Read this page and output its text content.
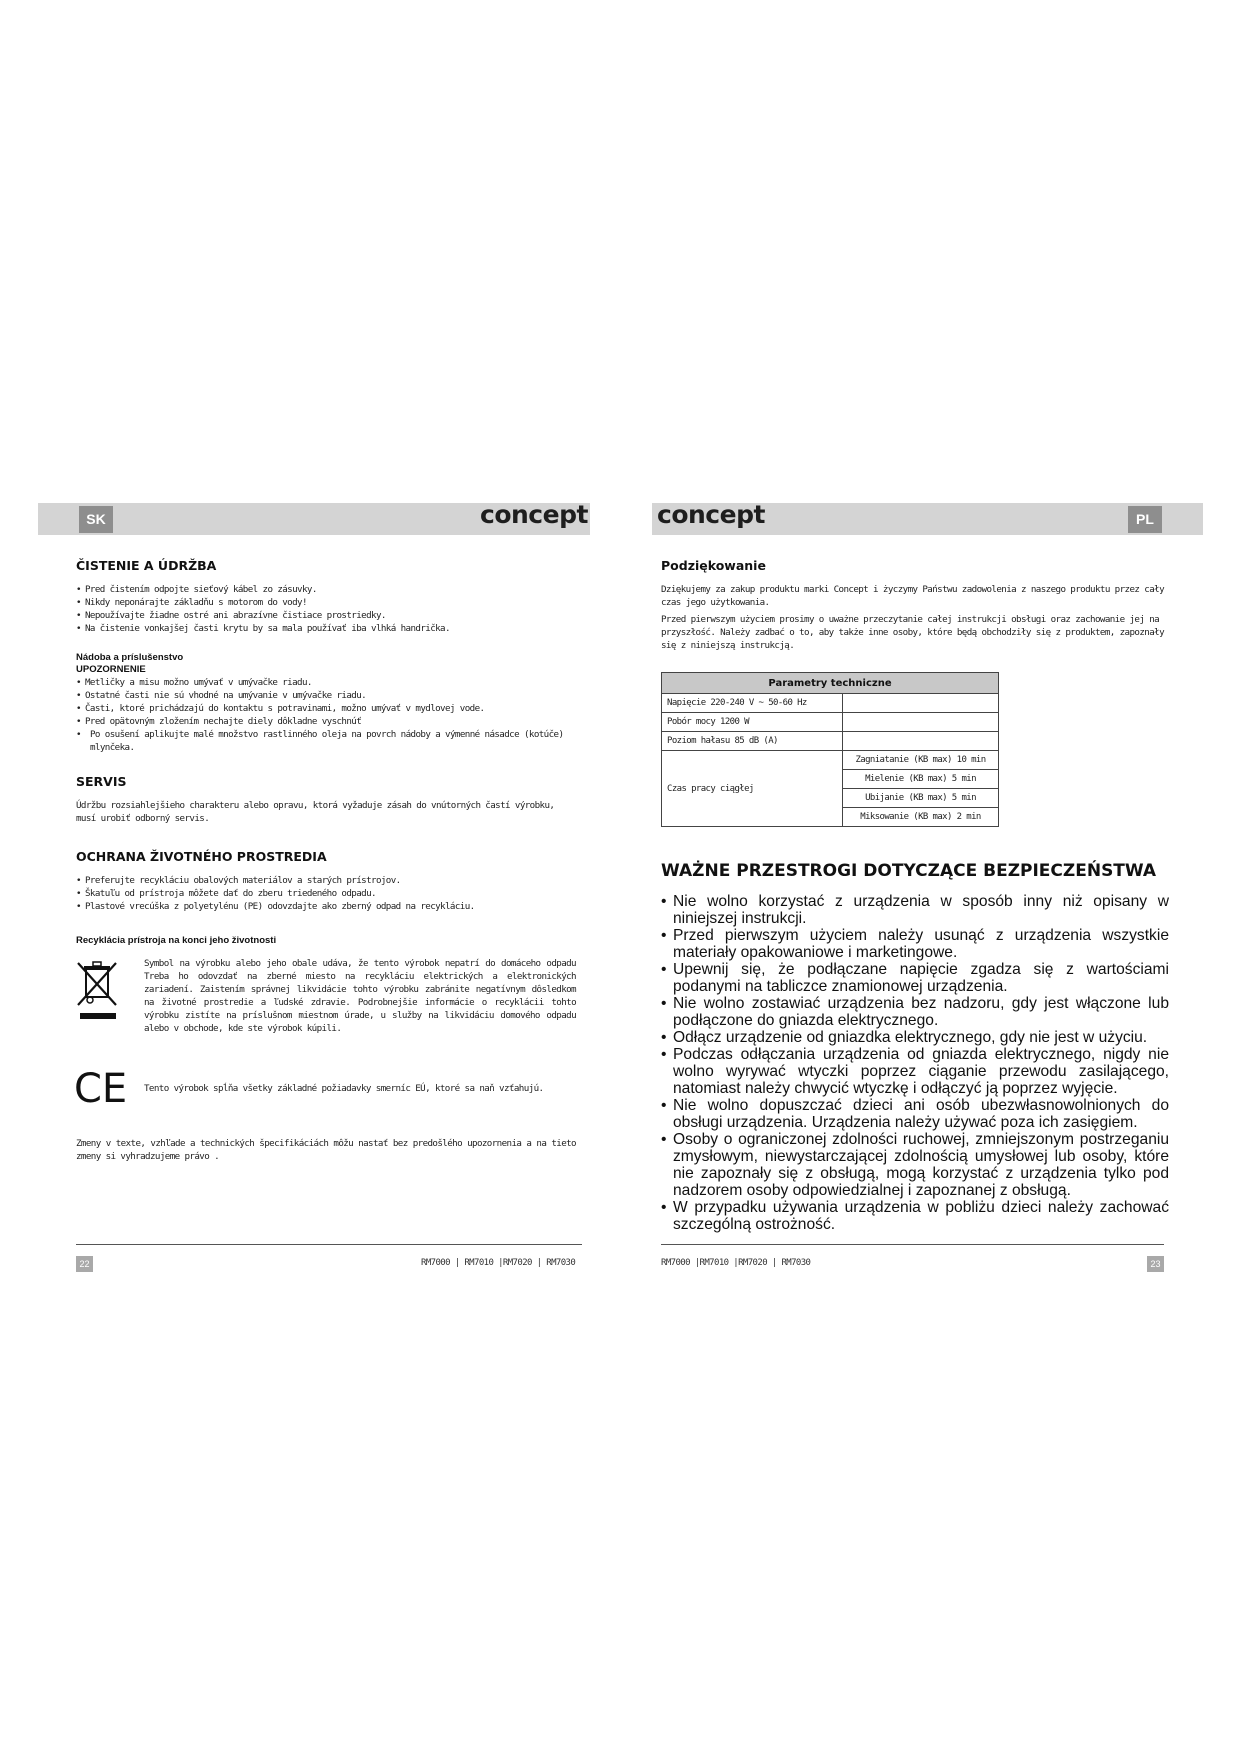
SK	PL
concept	concept
ČISTENIE A ÚDRŽBA
• Pred čistením odpojte sieťový kábel zo zásuvky.
• Nikdy neponárajte základňu s motorom do vody!
• Nepoužívajte žiadne ostré ani abrazívne čistiace prostriedky.
• Na čistenie vonkajšej časti krytu by sa mala používať iba vlhká handrička.

Nádoba a príslušenstvo

UPOZORNENIE

• Metličky a misu možno umývať v umývačke riadu.
• Ostatné časti nie sú vhodné na umývanie v umývačke riadu.
• Časti, ktoré prichádzajú do kontaktu s potravinami, možno umývať v mydlovej vode.
• Pred opätovným zložením nechajte diely dôkladne vyschnúť
• Po osušení aplikujte malé množstvo rastlinného oleja na povrch nádoby a výmenné násadce (kotúče) mlynčeka.
SERVIS

Údržbu rozsiahlejšieho charakteru alebo opravu, ktorá vyžaduje zásah do vnútorných častí výrobku, musí urobiť odborný servis.

OCHRANA ŽIVOTNÉHO PROSTREDIA
• Preferujte recykláciu obalových materiálov a starých prístrojov.
• Škatuľu od prístroja môžete dať do zberu triedeného odpadu.
• Plastové vrecúška z polyetylénu (PE) odovzdajte ako zberný odpad na recykláciu.

Recyklácia prístroja na konci jeho životnosti

Symbol na výrobku alebo jeho obale udáva, že tento výrobok nepatrí do domáceho odpadu Treba ho odovzdať na zberné miesto na recykláciu elektrických a elektronických zariadení. Zaistením správnej likvidácie tohto výrobku zabránite negatívnym dôsledkom na životné prostredie a ľudské zdravie. Podrobnejšie informácie o recyklácii tohto výrobku zistíte na príslušnom miestnom úrade, u služby na likvidáciu domového odpadu alebo v obchode, kde ste výrobok kúpili.

CE Tento výrobok spĺňa všetky základné požiadavky smerníc EÚ, ktoré sa naň vzťahujú.

Zmeny v texte, vzhľade a technických špecifikáciách môžu nastať bez predošlého upozornenia a na tieto zmeny si vyhradzujeme právo .

Podziękowanie

Dziękujemy za zakup produktu marki Concept i życzymy Państwu zadowolenia z naszego produktu przez cały czas jego użytkowania.

Przed pierwszym użyciem prosimy o uważne przeczytanie całej instrukcji obsługi oraz zachowanie jej na przyszłość. Należy zadbać o to, aby także inne osoby, które będą obchodziły się z produktem, zapoznały się z niniejszą instrukcją.

Parametry techniczne	
Napięcie 220-240 V ~ 50-60 Hz	
Pobór mocy 1200 W	
Poziom hałasu 85 dB (A)	
Czas pracy ciągłej	Zagniatanie (KB max) 10 min
	Mielenie (KB max) 5 min
	Ubijanie (KB max) 5 min
	Miksowanie (KB max) 2 min
WAŻNE PRZESTROGI DOTYCZĄCE BEZPIECZEŃSTWA
• Nie wolno korzystać z urządzenia w sposób inny niż opisany w niniejszej instrukcji.
• Przed pierwszym użyciem należy usunąć z urządzenia wszystkie materiały opakowaniowe i marketingowe.
• Upewnij się, że podłączane napięcie zgadza się z wartościami podanymi na tabliczce znamionowej urządzenia.
• Nie wolno zostawiać urządzenia bez nadzoru, gdy jest włączone lub podłączone do gniazda elektrycznego.
• Odłącz urządzenie od gniazdka elektrycznego, gdy nie jest w użyciu.
• Podczas odłączania urządzenia od gniazda elektrycznego, nigdy nie wolno wyrywać wtyczki poprzez ciąganie przewodu zasilającego, natomiast należy chwycić wtyczkę i odłączyć ją poprzez wyjęcie.
• Nie wolno dopuszczać dzieci ani osób ubezwłasnowolnionych do obsługi urządzenia. Urządzenia należy używać poza ich zasięgiem.
• Osoby o ograniczonej zdolności ruchowej, zmniejszonym postrzeganiu zmysłowym, niewystarczającej zdolnością umysłowej lub osoby, które nie zapoznały się z obsługą, mogą korzystać z urządzenia tylko pod nadzorem osoby odpowiedzialnej i zapoznanej z obsługą.
• W przypadku używania urządzenia w pobliżu dzieci należy zachować szczególną ostrożność.
22	23
RM7000 | RM7010 |RM7020 | RM7030	RM7000 |RM7010 |RM7020 | RM7030
